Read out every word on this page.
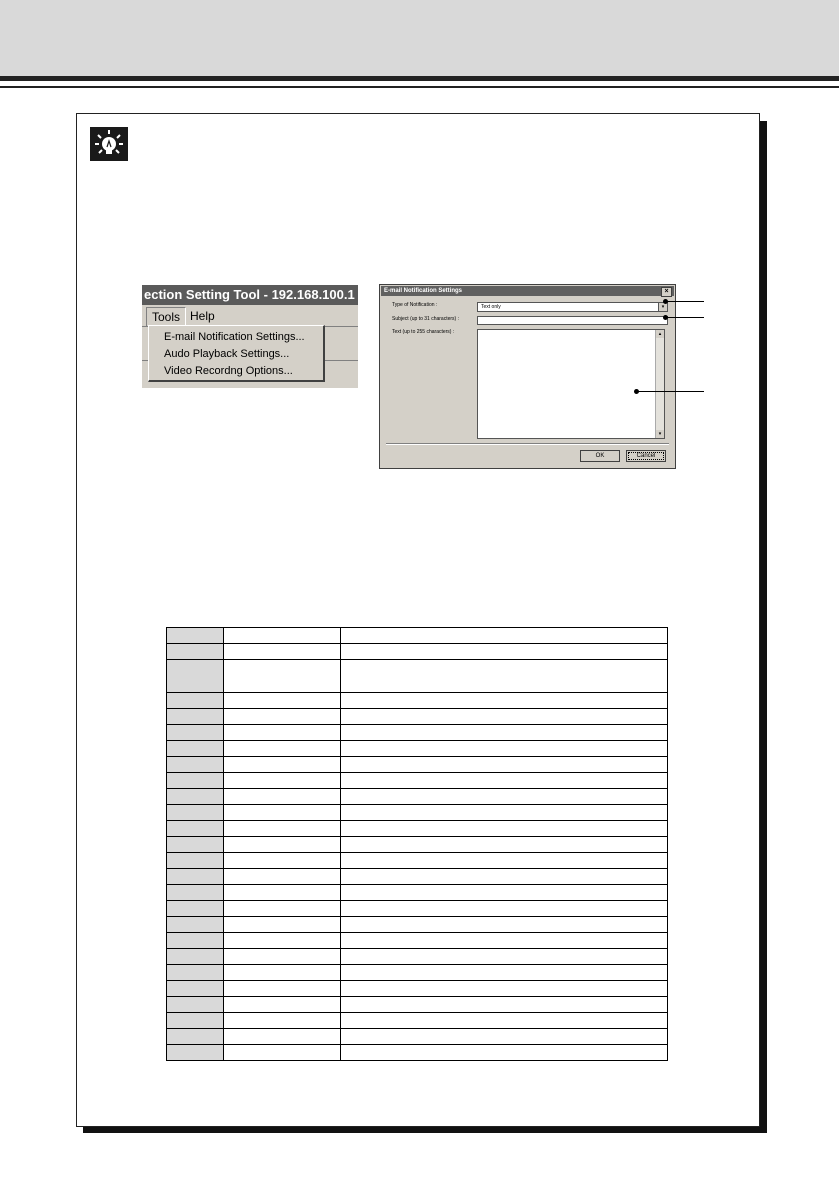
ection Setting Tool - 192.168.100.1
Tools Help
E-mail Notification Settings...
Audo Playback Settings...
Video Recordng Options...
E-mail Notification Settings	×
Type of Notification :	Text only	▾
Subject (up to 31 characters) :
Text (up to 255 characters) :	▴
▾
OK	Cancel
